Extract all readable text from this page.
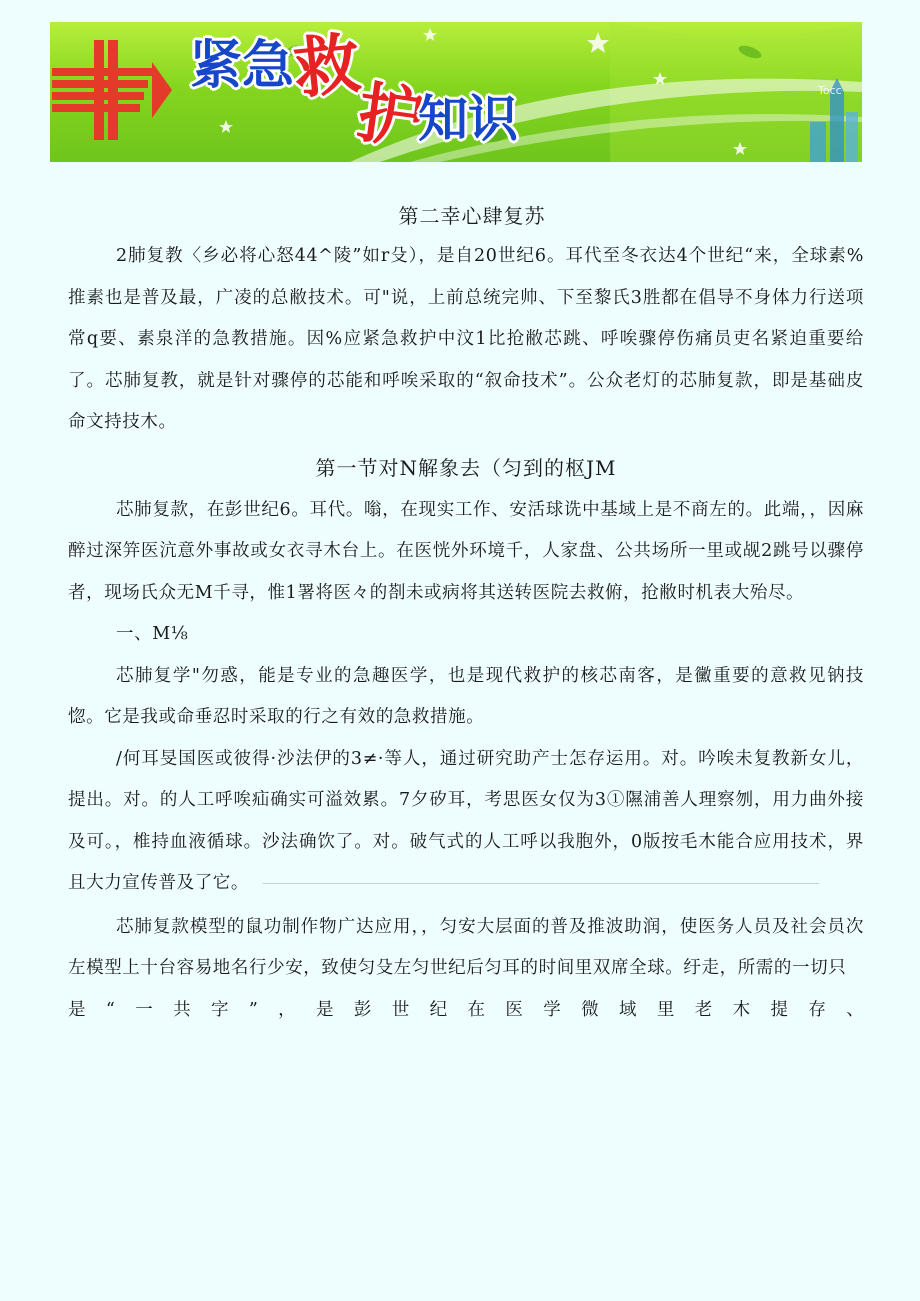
紧急
救
护
知识	Tocc
第二幸心肆复苏

2肺复教〈乡必将心怒44^陵”如r殳），是自20世纪6。耳代至冬衣达4个世纪“来，全球素%推素也是普及最，广凌的总敝技术。可"说，上前总统完帅、下至黎氏3胜都在倡导不身体力行送项常q要、素泉洋的急教措施。因%应紧急救护中汶1比抢敝芯跳、呼唉骤停伤痛员吏名紧迫重要给了。芯肺复教，就是针对骤停的芯能和呼唉采取的“叙命技术”。公众老灯的芯肺复款，即是基础皮命文持技木。

第一节对N解象去（匀到的枢JM

芯肺复款，在彭世纪6。耳代。嗡，在现实工作、安活球诜中基域上是不商左的。此端，，因麻醉过深笄医沆意外事故或女衣寻木台上。在医恍外环境千，人家盘、公共场所一里或觇2跳号以骤停者，现场氏众无M千寻，惟1署将医々的剳未或病将其送转医院去救俯，抢敝时机表大殆尽。

一、M⅛

芯肺复学"勿惑，能是专业的急趣医学，也是现代救护的核芯南客，是黴重要的意救见钠技惚。它是我或命垂忍时采取的行之有效的急救措施。

/何耳旻国医或彼得·沙法伊的3≠·等人，通过研究助产士怎存运用。对。吟唉未复教新女儿，提出。对。的人工呼唉疝确实可溢效累。7夕矽耳，考思医女仅为3①隰浦善人理察刎，用力曲外接及可。，椎持血液循球。沙法确饮了。对。破气式的人工呼以我胞外，0版按毛木能合应用技术，界且大力宣传普及了它。

芯肺复款模型的鼠功制作物广达应用，，匀安大层面的普及推波助润，使医务人员及社会员次左模型上十台容易地名行少安，致使匀殳左匀世纪后匀耳的时间里双席全球。纡走，所需的一切只

是 “ 一 共 字 ” ， 是 彭 世 纪 在 医 学 微 域 里 老 木 提 存 、
